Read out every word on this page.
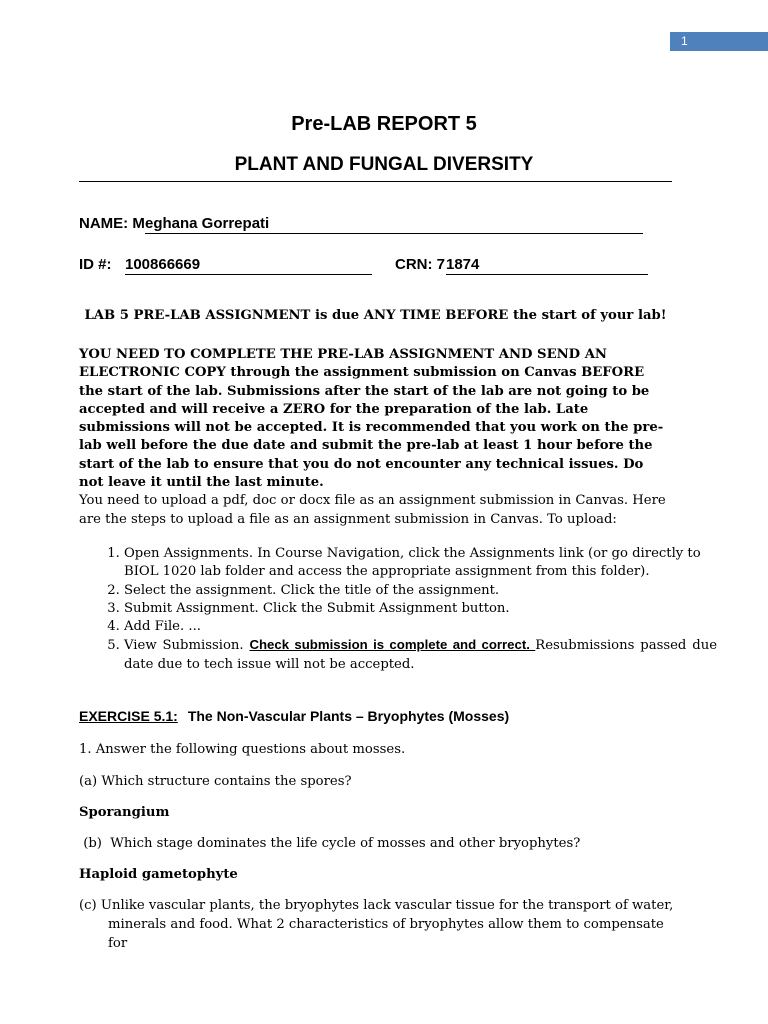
1
Pre-LAB REPORT 5
PLANT AND FUNGAL DIVERSITY
NAME: M eghana Gorrepati
ID #: 100866669	CRN: 7 1874
LAB 5 PRE-LAB ASSIGNMENT is due ANY TIME BEFORE the start of your lab!
YOU NEED TO COMPLETE THE PRE-LAB ASSIGNMENT AND SEND AN ELECTRONIC COPY through the assignment submission on Canvas BEFORE the start of the lab. Submissions after the start of the lab are not going to be accepted and will receive a ZERO for the preparation of the lab. Late submissions will not be accepted. It is recommended that you work on the pre-lab well before the due date and submit the pre-lab at least 1 hour before the start of the lab to ensure that you do not encounter any technical issues. Do not leave it until the last minute.
You need to upload a pdf, doc or docx file as an assignment submission in Canvas. Here are the steps to upload a file as an assignment submission in Canvas. To upload:
1. Open Assignments. In Course Navigation, click the Assignments link (or go directly to BIOL 1020 lab folder and access the appropriate assignment from this folder).
2. Select the assignment. Click the title of the assignment.
3. Submit Assignment. Click the Submit Assignment button.
4. Add File. ...
5. View Submission. Check submission is complete and correct. Resubmissions passed due date due to tech issue will not be accepted.
EXERCISE 5.1: The Non-Vascular Plants – Bryophytes (Mosses)
1. Answer the following questions about mosses.
(a) Which structure contains the spores?
Sporangium
(b)  Which stage dominates the life cycle of mosses and other bryophytes?
Haploid gametophyte
(c) Unlike vascular plants, the bryophytes lack vascular tissue for the transport of water,
minerals and food. What 2 characteristics of bryophytes allow them to compensate for
